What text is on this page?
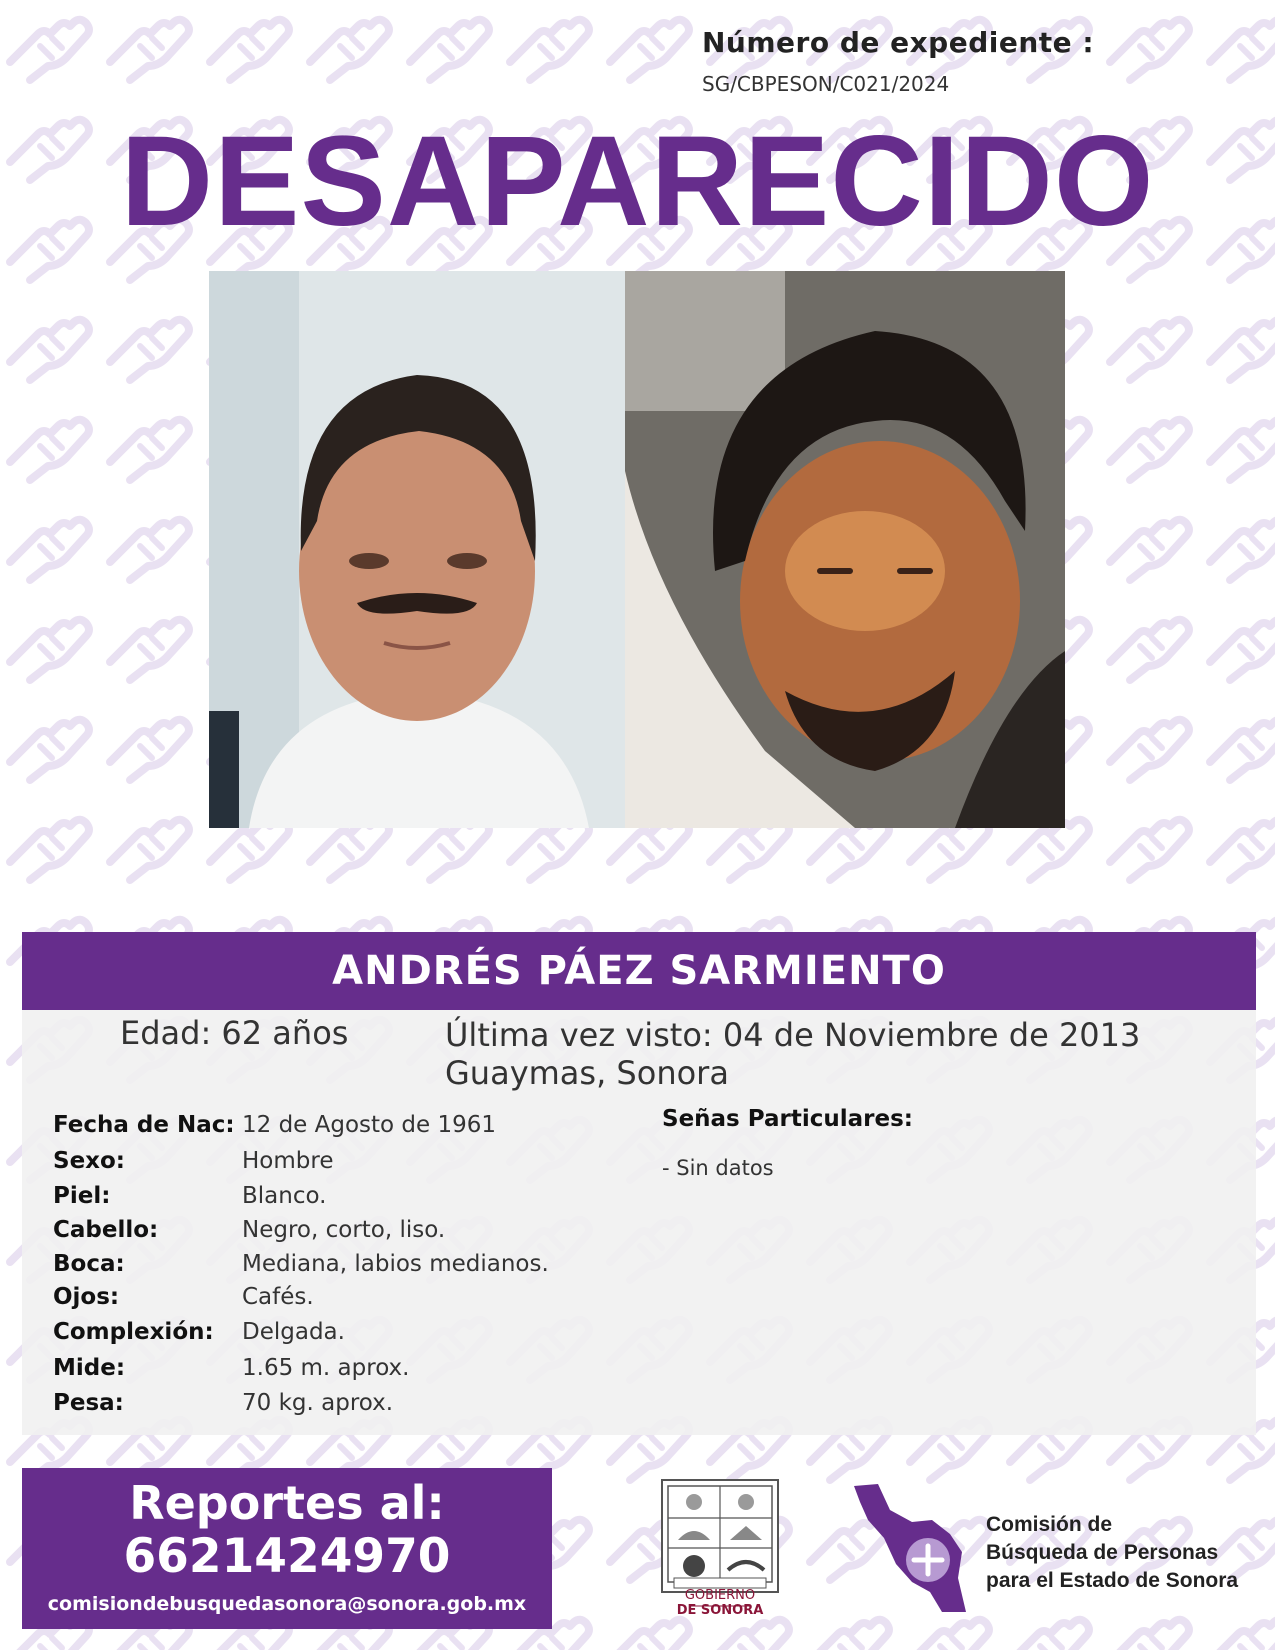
Número de expediente :
SG/CBPESON/C021/2024
DESAPARECIDO
ANDRÉS PÁEZ SARMIENTO
Edad: 62 años	Última vez visto: 04 de Noviembre de 2013
Guaymas, Sonora
Fecha de Nac: 12 de Agosto de 1961
Sexo:	Hombre
Piel:	Blanco.
Cabello:	Negro, corto, liso.
Boca:	Mediana, labios medianos.
Ojos:	Cafés.
Complexión: Delgada.
Mide:	1.65 m. aprox.
Pesa:	70 kg. aprox.
Señas Particulares:
- Sin datos
Reportes al:
6621424970
comisiondebusquedasonora@sonora.gob.mx	GOBIERNO
DE SONORA
Comisión de
Búsqueda de Personas
para el Estado de Sonora
